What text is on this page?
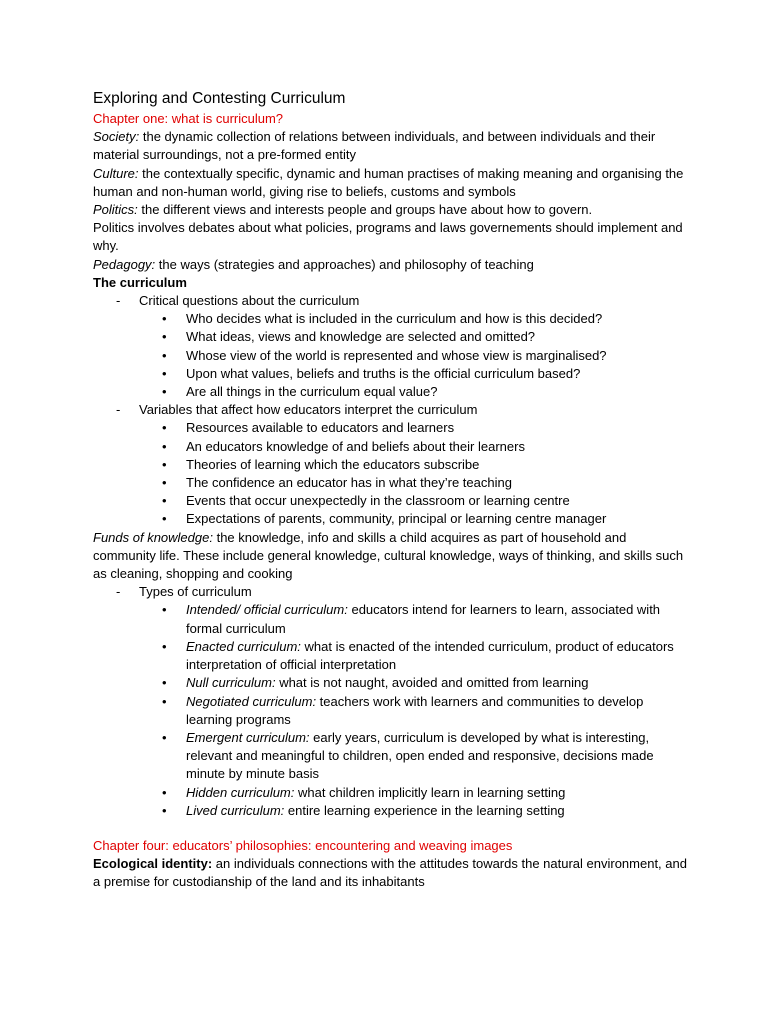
Exploring and Contesting Curriculum

Chapter one: what is curriculum?

Society: the dynamic collection of relations between individuals, and between individuals and their material surroundings, not a pre-formed entity

Culture: the contextually specific, dynamic and human practises of making meaning and organising the human and non-human world, giving rise to beliefs, customs and symbols

Politics: the different views and interests people and groups have about how to govern.

Politics involves debates about what policies, programs and laws governements should implement and why.

Pedagogy: the ways (strategies and approaches) and philosophy of teaching

The curriculum

- Critical questions about the curriculum

•	Who decides what is included in the curriculum and how is this decided?
•	What ideas, views and knowledge are selected and omitted?
•	Whose view of the world is represented and whose view is marginalised?
•	Upon what values, beliefs and truths is the official curriculum based?
•	Are all things in the curriculum equal value?

- Variables that affect how educators interpret the curriculum

•	Resources available to educators and learners
•	An educators knowledge of and beliefs about their learners
•	Theories of learning which the educators subscribe
•	The confidence an educator has in what they’re teaching
•	Events that occur unexpectedly in the classroom or learning centre
•	Expectations of parents, community, principal or learning centre manager

Funds of knowledge: the knowledge, info and skills a child acquires as part of household and community life. These include general knowledge, cultural knowledge, ways of thinking, and skills such as cleaning, shopping and cooking

- Types of curriculum

•	Intended/ official curriculum: educators intend for learners to learn, associated with formal curriculum
•	Enacted curriculum: what is enacted of the intended curriculum, product of educators interpretation of official interpretation
•	Null curriculum: what is not naught, avoided and omitted from learning
•	Negotiated curriculum: teachers work with learners and communities to develop learning programs
•	Emergent curriculum: early years, curriculum is developed by what is interesting, relevant and meaningful to children, open ended and responsive, decisions made minute by minute basis
•	Hidden curriculum: what children implicitly learn in learning setting
•	Lived curriculum: entire learning experience in the learning setting

Chapter four: educators’ philosophies: encountering and weaving images

Ecological identity: an individuals connections with the attitudes towards the natural environment, and a premise for custodianship of the land and its inhabitants
